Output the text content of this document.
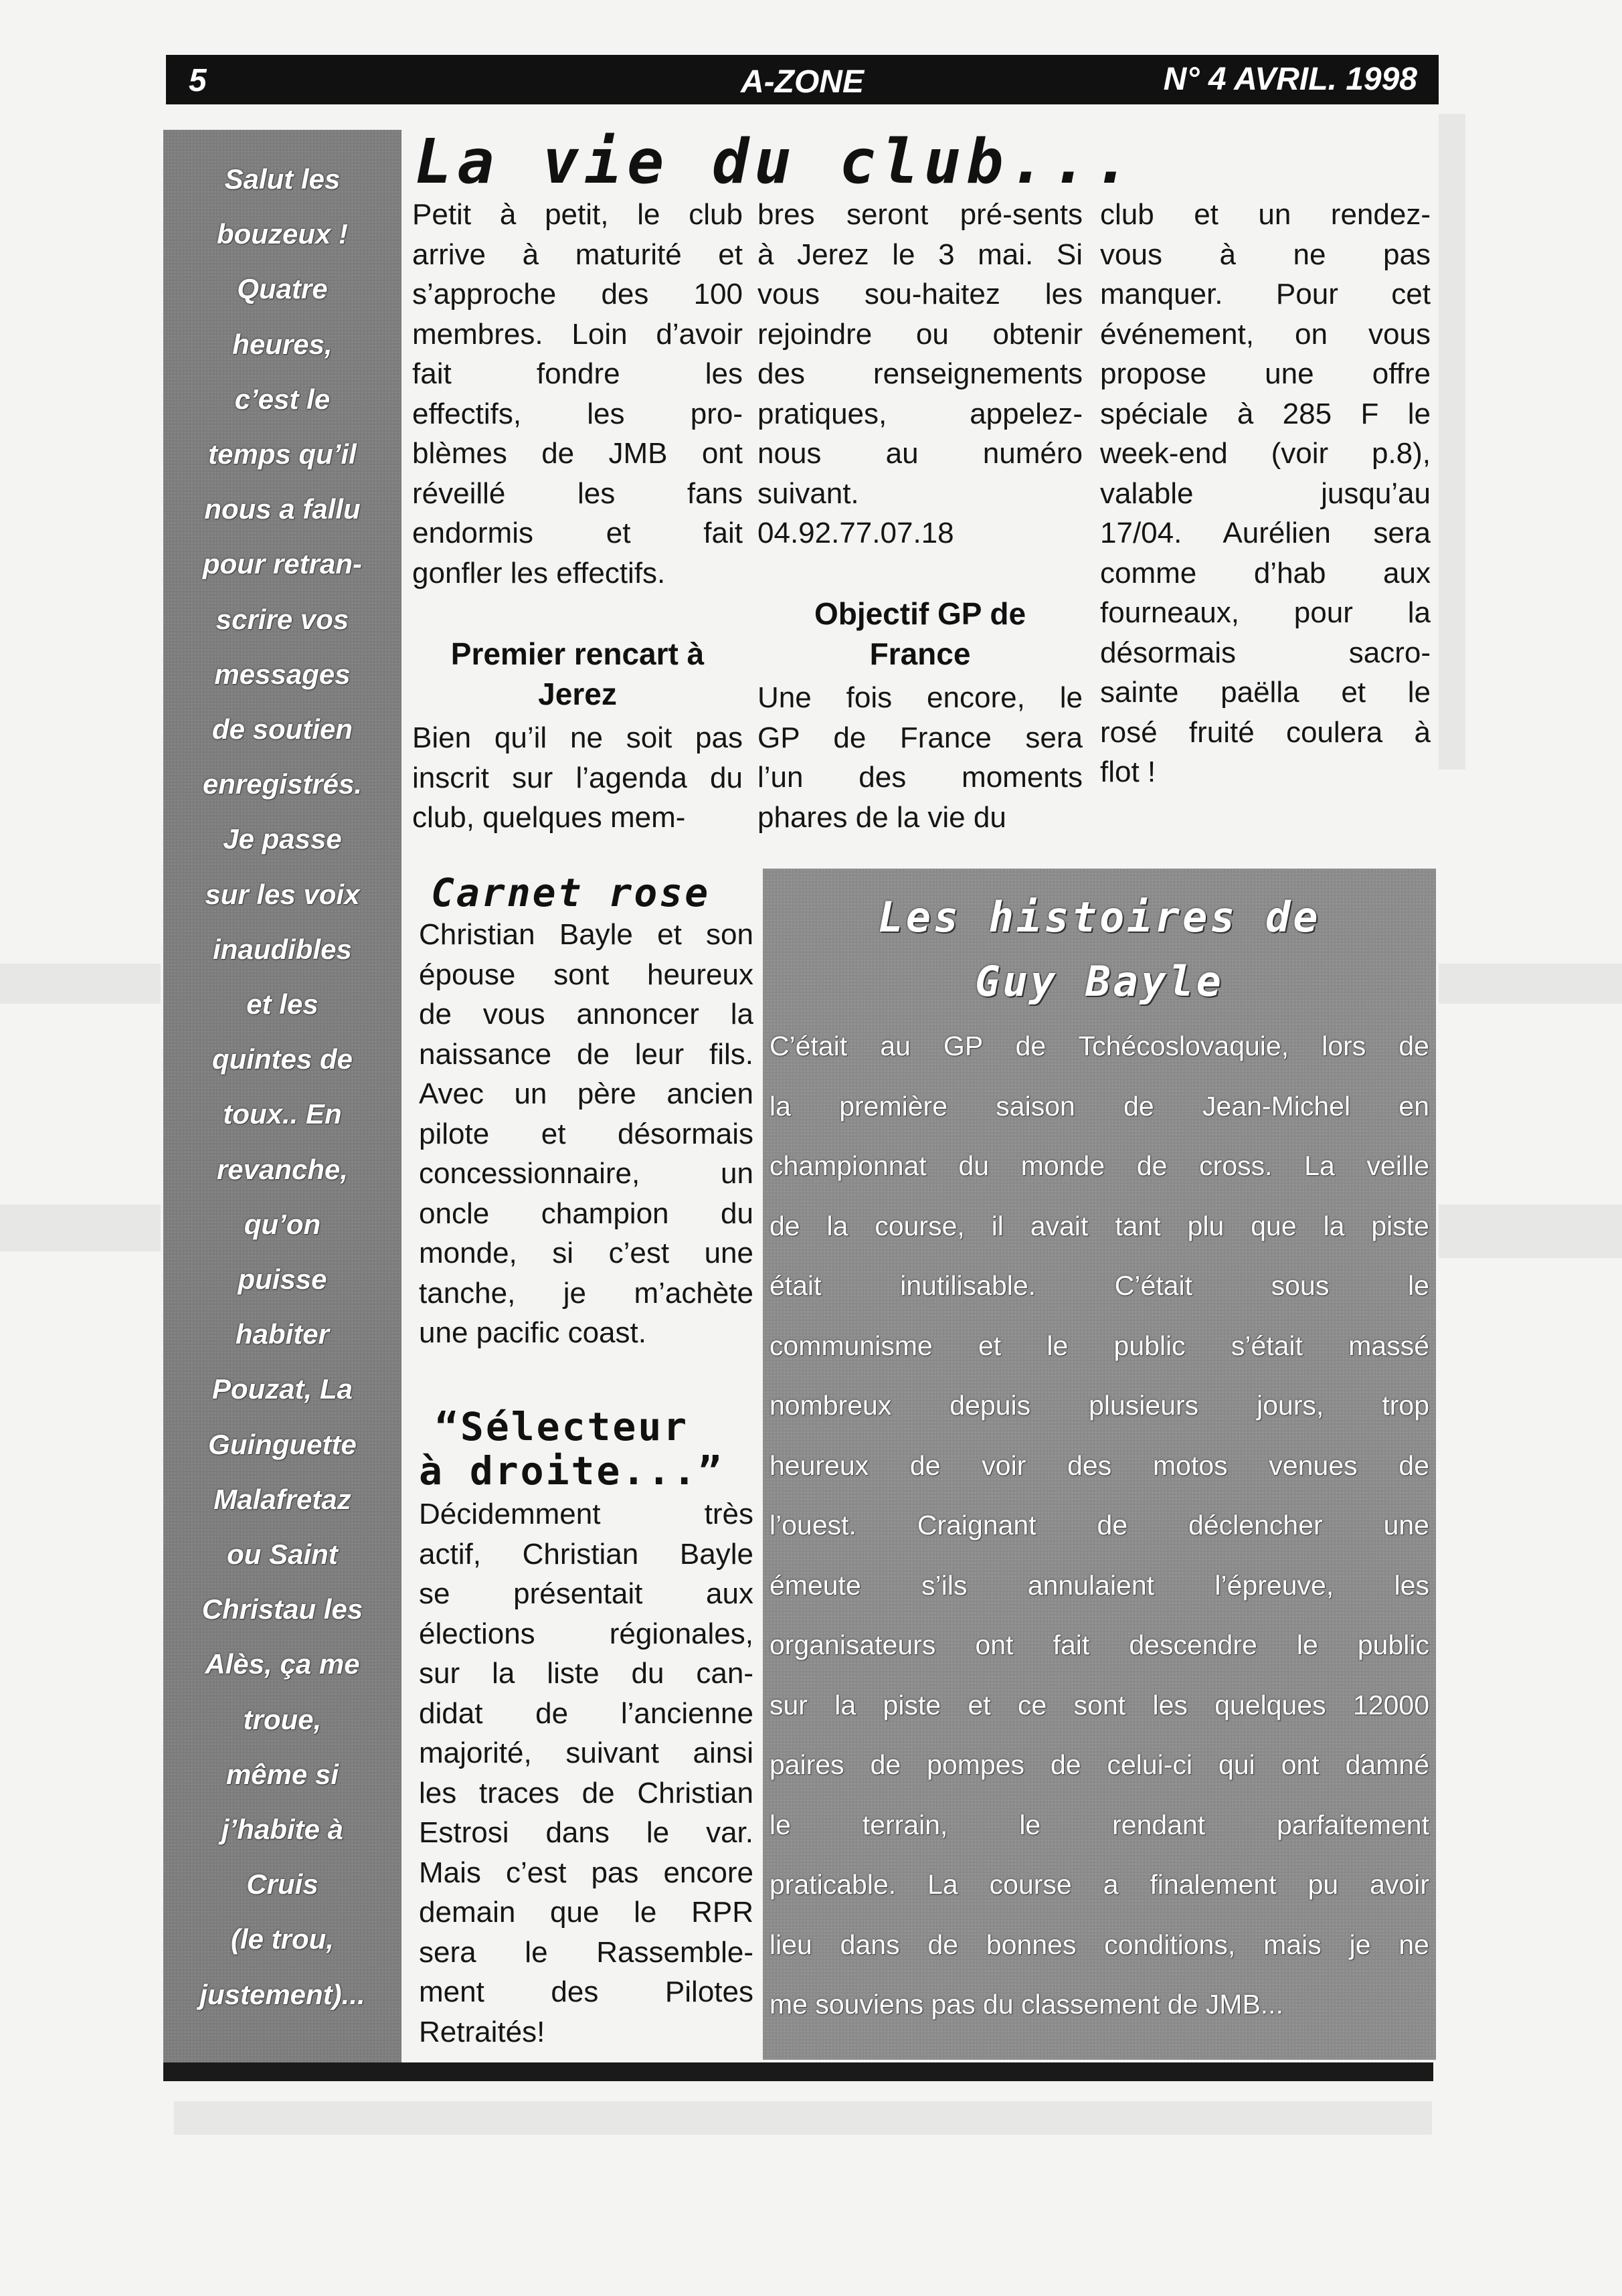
5	A-ZONE	N° 4 AVRIL. 1998
Salut les
bouzeux !
Quatre
heures,
c’est le
temps qu’il
nous a fallu
pour retran-
scrire vos
messages
de soutien
enregistrés.
Je passe
sur les voix
inaudibles
et les
quintes de
toux.. En
revanche,
qu’on
puisse
habiter
Pouzat, La
Guinguette
Malafretaz
ou Saint
Christau les
Alès, ça me
troue,
même si
j’habite à
Cruis
(le trou,
justement)...
La vie du club...
Carnet rose
“Sélecteur
à droite...”
Les histoires de
Guy Bayle
C’était au GP de Tchécoslovaquie, lors de
la première saison de Jean-Michel en
championnat du monde de cross. La veille
de la course, il avait tant plu que la piste
était inutilisable. C’était sous le
communisme et le public s’était massé
nombreux depuis plusieurs jours, trop
heureux de voir des motos venues de
l’ouest. Craignant de déclencher une
émeute s’ils annulaient l’épreuve, les
organisateurs ont fait descendre le public
sur la piste et ce sont les quelques 12000
paires de pompes de celui-ci qui ont damné
le terrain, le rendant parfaitement
praticable. La course a finalement pu avoir
lieu dans de bonnes conditions, mais je ne
me souviens pas du classement de JMB...
Petit à petit, le club
arrive à maturité et
s’approche des 100
membres. Loin d’avoir
fait fondre les
effectifs, les pro-
blèmes de JMB ont
réveillé les fans
endormis et fait
gonfler les effectifs.
Premier rencart à
Jerez
Bien qu’il ne soit pas
inscrit sur l’agenda du
club, quelques mem-
bres seront pré-sents
à Jerez le 3 mai. Si
vous sou-haitez les
rejoindre ou obtenir
des renseignements
pratiques, appelez-
nous au numéro
suivant.
04.92.77.07.18
Objectif GP de
France
Une fois encore, le
GP de France sera
l’un des moments
phares de la vie du
club et un rendez-
vous à ne pas
manquer. Pour cet
événement, on vous
propose une offre
spéciale à 285 F le
week-end (voir p.8),
valable jusqu’au
17/04. Aurélien sera
comme d’hab aux
fourneaux, pour la
désormais sacro-
sainte paëlla et le
rosé fruité coulera à
flot !
Christian Bayle et son
épouse sont heureux
de vous annoncer la
naissance de leur fils.
Avec un père ancien
pilote et désormais
concessionnaire, un
oncle champion du
monde, si c’est une
tanche, je m’achète
une pacific coast.
Décidemment très
actif, Christian Bayle
se présentait aux
élections régionales,
sur la liste du can-
didat de l’ancienne
majorité, suivant ainsi
les traces de Christian
Estrosi dans le var.
Mais c’est pas encore
demain que le RPR
sera le Rassemble-
ment des Pilotes
Retraités!
